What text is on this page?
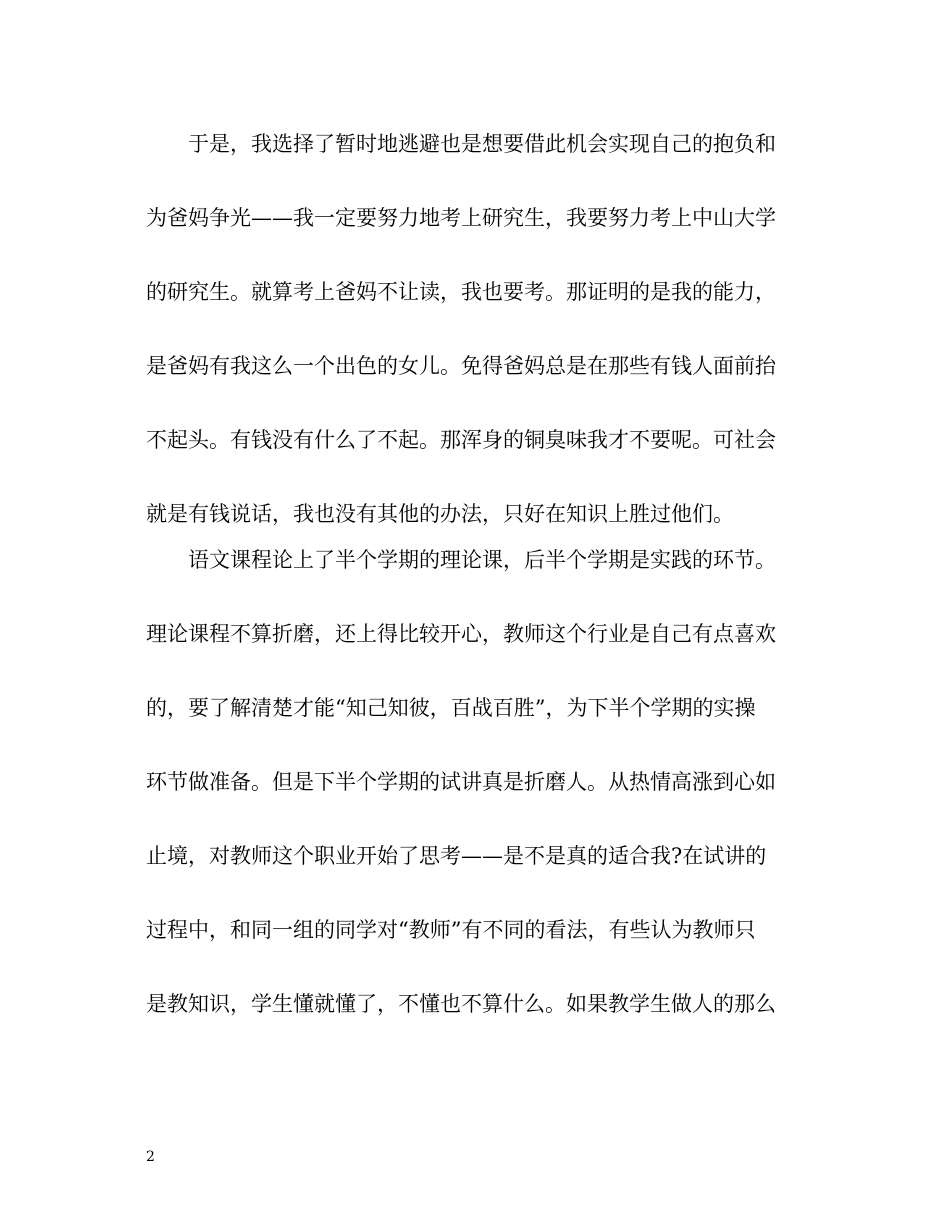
于是，我选择了暂时地逃避也是想要借此机会实现自己的抱负和
为爸妈争光——我一定要努力地考上研究生，我要努力考上中山大学
的研究生。就算考上爸妈不让读，我也要考。那证明的是我的能力，
是爸妈有我这么一个出色的女儿。免得爸妈总是在那些有钱人面前抬
不起头。有钱没有什么了不起。那浑身的铜臭味我才不要呢。可社会
就是有钱说话，我也没有其他的办法，只好在知识上胜过他们。
语文课程论上了半个学期的理论课，后半个学期是实践的环节。
理论课程不算折磨，还上得比较开心，教师这个行业是自己有点喜欢
的，要了解清楚才能“知己知彼，百战百胜”，为下半个学期的实操
环节做准备。但是下半个学期的试讲真是折磨人。从热情高涨到心如
止境，对教师这个职业开始了思考——是不是真的适合我?在试讲的
过程中，和同一组的同学对“教师”有不同的看法，有些认为教师只
是教知识，学生懂就懂了，不懂也不算什么。如果教学生做人的那么
2
